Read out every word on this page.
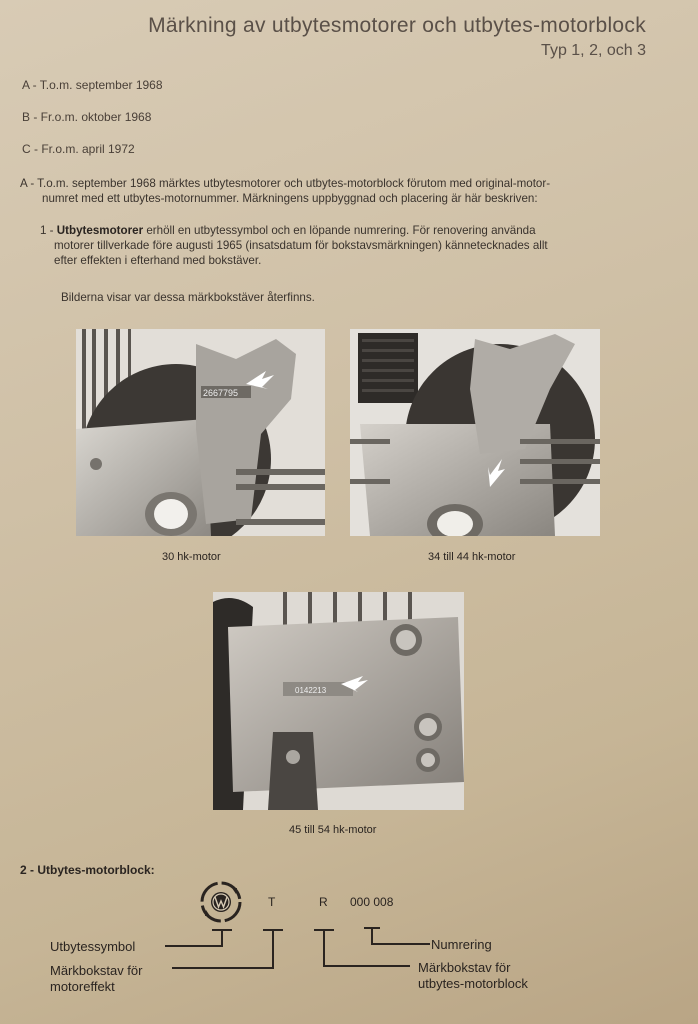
Märkning av utbytesmotorer och utbytes-motorblock
Typ 1, 2, och 3
A - T.o.m. september 1968
B - Fr.o.m. oktober 1968
C - Fr.o.m. april 1972
A - T.o.m. september 1968 märktes utbytesmotorer och utbytes-motorblock förutom med original-motor-
numret med ett utbytes-motornummer. Märkningens uppbyggnad och placering är här beskriven:
1 - Utbytesmotorer erhöll en utbytessymbol och en löpande numrering. För renovering använda
motorer tillverkade före augusti 1965 (insatsdatum för bokstavsmärkningen) kännetecknades allt
efter effekten i efterhand med bokstäver.
Bilderna visar var dessa märkbokstäver återfinns.
2667795
30 hk-motor	34 till 44 hk-motor
0142213
45 till 54 hk-motor
2 - Utbytes-motorblock:
T	R 000 008
Utbytessymbol
Märkbokstav för
motoreffekt
Numrering
Märkbokstav för
utbytes-motorblock
